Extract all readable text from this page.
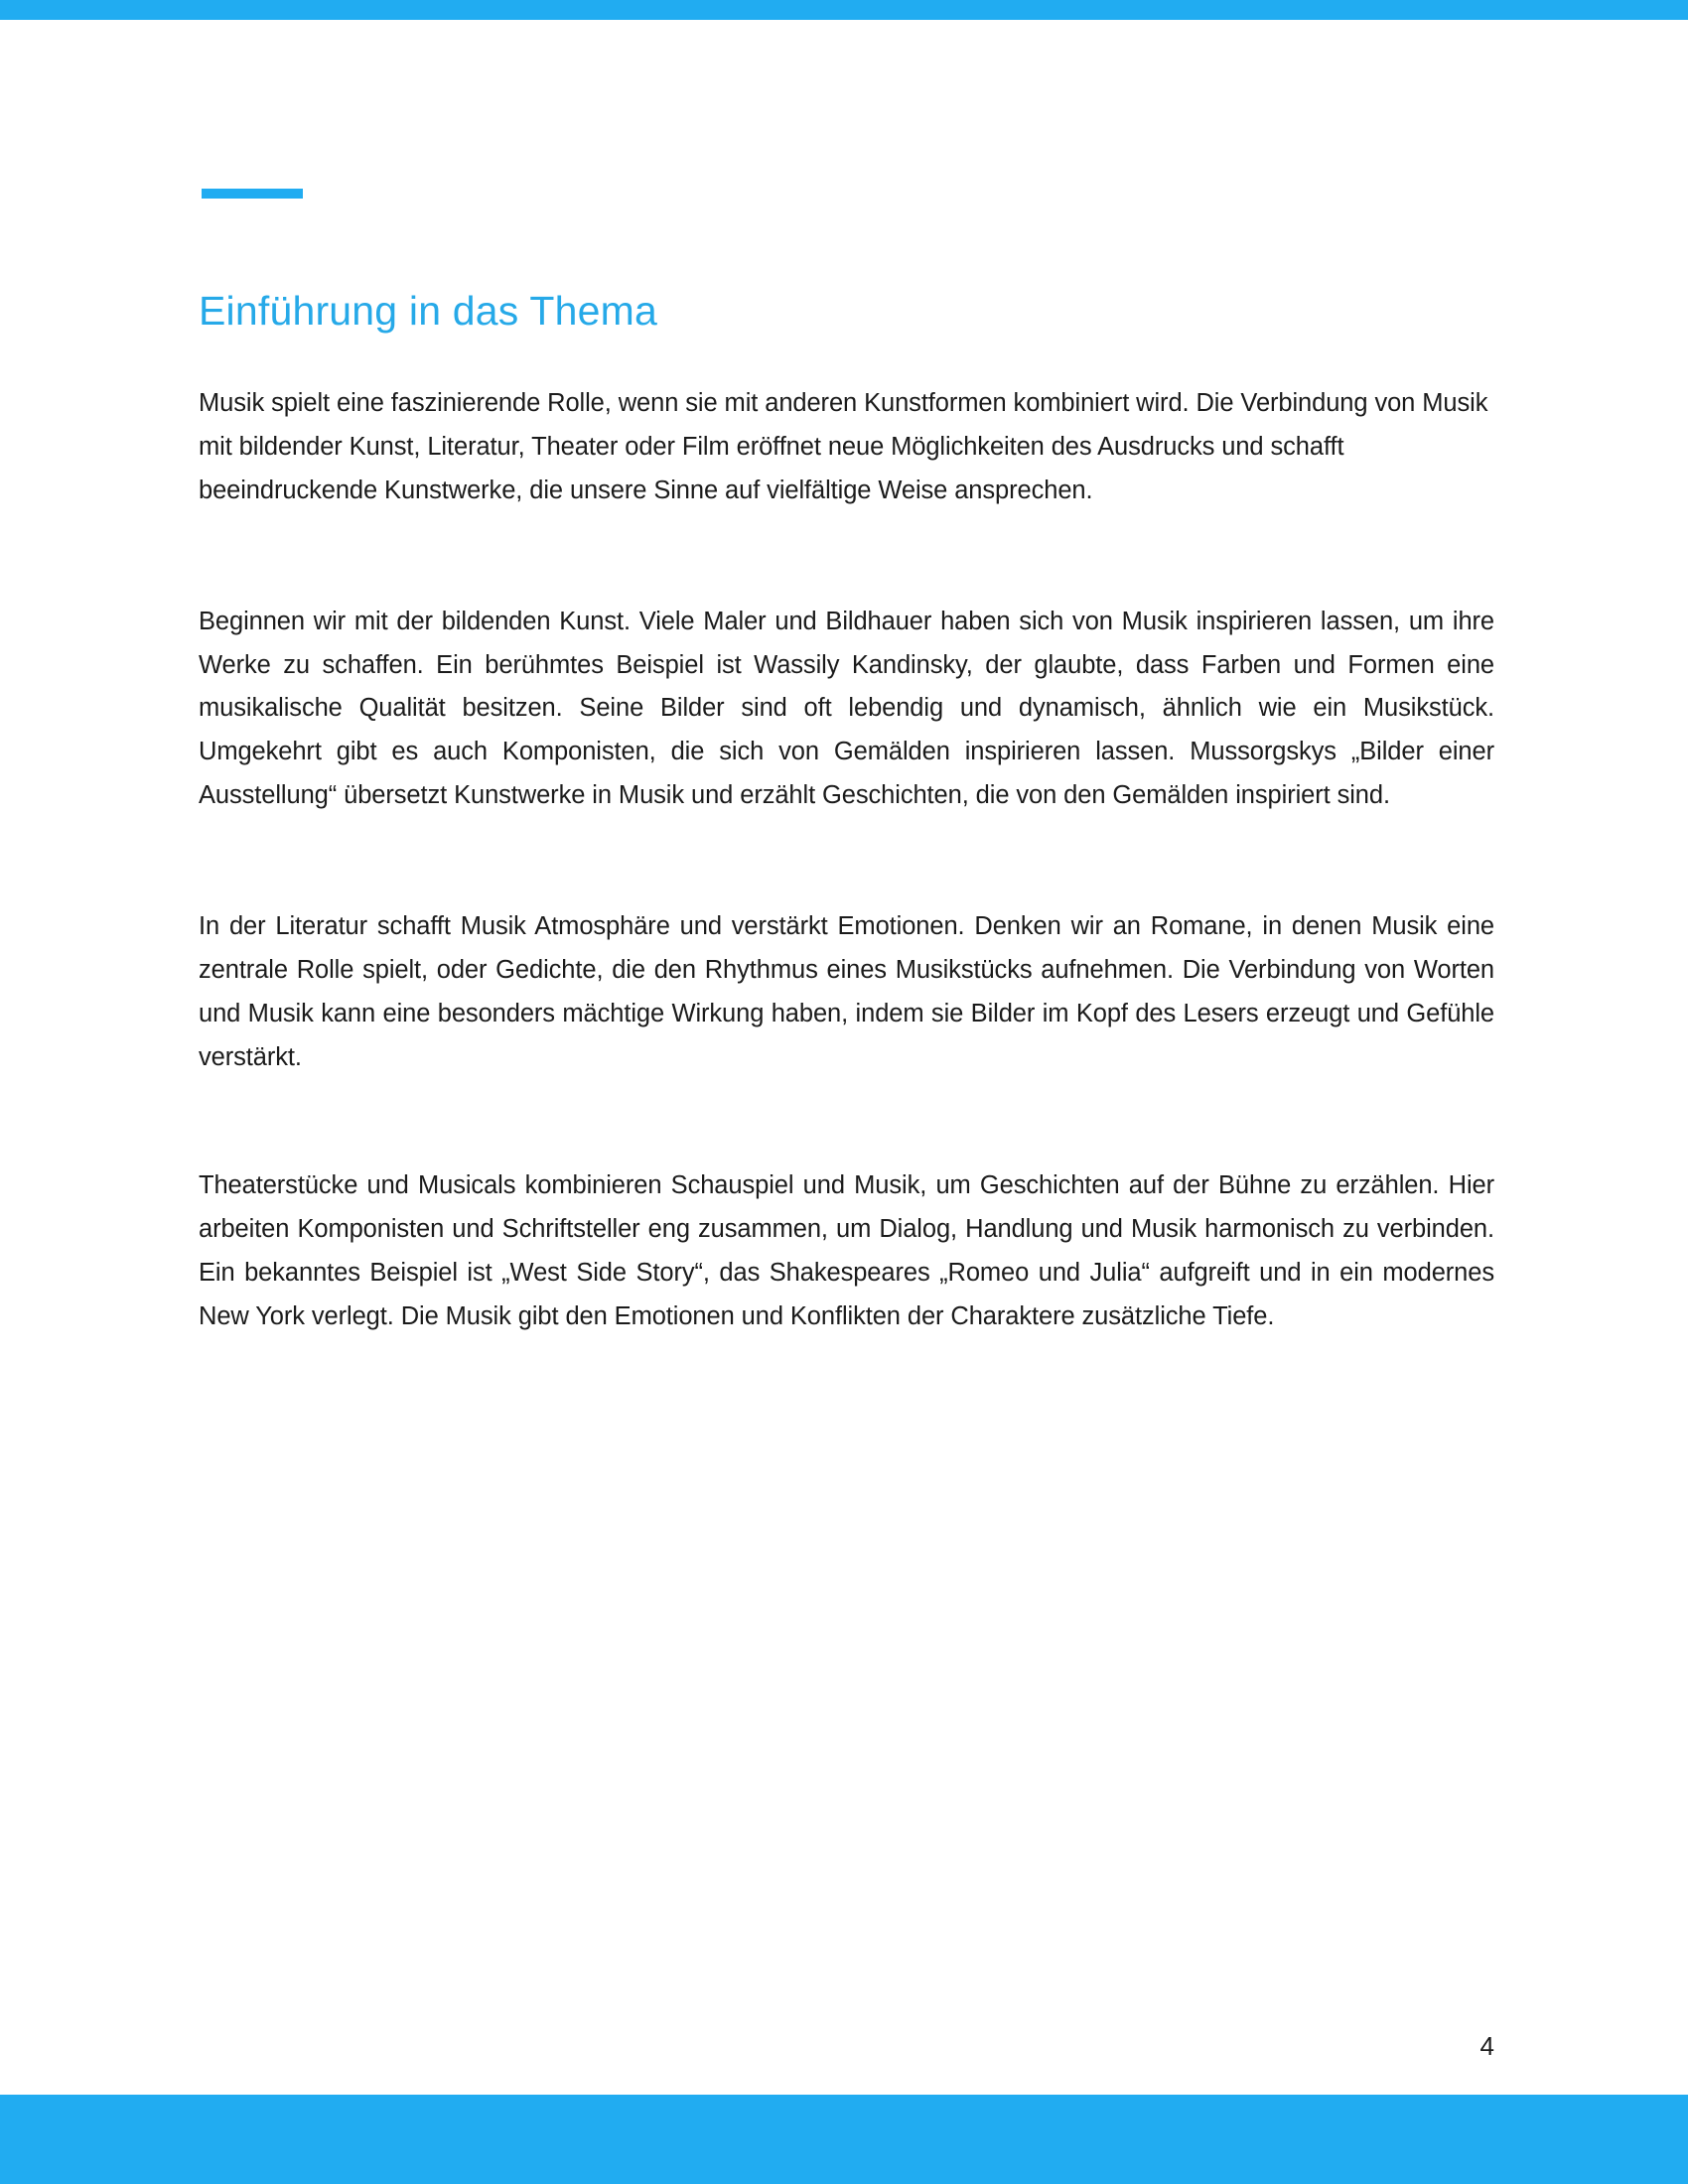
Einführung in das Thema

Musik spielt eine faszinierende Rolle, wenn sie mit anderen Kunstformen kombiniert wird. Die Verbindung von Musik mit bildender Kunst, Literatur, Theater oder Film eröffnet neue Möglichkeiten des Ausdrucks und schafft beeindruckende Kunstwerke, die unsere Sinne auf vielfältige Weise ansprechen.

Beginnen wir mit der bildenden Kunst. Viele Maler und Bildhauer haben sich von Musik inspirieren lassen, um ihre Werke zu schaffen. Ein berühmtes Beispiel ist Wassily Kandinsky, der glaubte, dass Farben und Formen eine musikalische Qualität besitzen. Seine Bilder sind oft lebendig und dynamisch, ähnlich wie ein Musikstück. Umgekehrt gibt es auch Komponisten, die sich von Gemälden inspirieren lassen. Mussorgskys „Bilder einer Ausstellung“ übersetzt Kunstwerke in Musik und erzählt Geschichten, die von den Gemälden inspiriert sind.

In der Literatur schafft Musik Atmosphäre und verstärkt Emotionen. Denken wir an Romane, in denen Musik eine zentrale Rolle spielt, oder Gedichte, die den Rhythmus eines Musikstücks aufnehmen. Die Verbindung von Worten und Musik kann eine besonders mächtige Wirkung haben, indem sie Bilder im Kopf des Lesers erzeugt und Gefühle verstärkt.

Theaterstücke und Musicals kombinieren Schauspiel und Musik, um Geschichten auf der Bühne zu erzählen. Hier arbeiten Komponisten und Schriftsteller eng zusammen, um Dialog, Handlung und Musik harmonisch zu verbinden. Ein bekanntes Beispiel ist „West Side Story“, das Shakespeares „Romeo und Julia“ aufgreift und in ein modernes New York verlegt. Die Musik gibt den Emotionen und Konflikten der Charaktere zusätzliche Tiefe.

4
